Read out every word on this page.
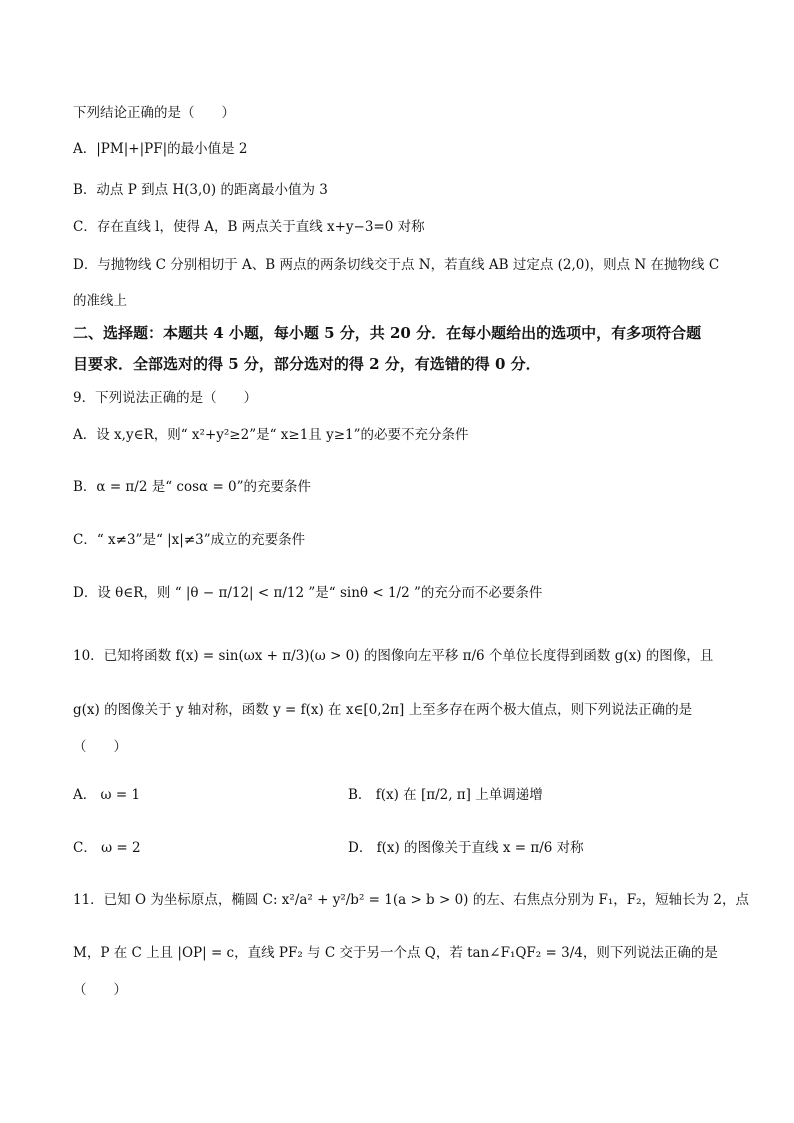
下列结论正确的是（　　）
A．|PM|+|PF|的最小值是 2
B．动点 P 到点 H(3,0) 的距离最小值为 3
C．存在直线 l，使得 A，B 两点关于直线 x+y−3=0 对称
D．与抛物线 C 分别相切于 A、B 两点的两条切线交于点 N，若直线 AB 过定点 (2,0)，则点 N 在抛物线 C
的准线上
二、选择题：本题共 4 小题，每小题 5 分，共 20 分．在每小题给出的选项中，有多项符合题
目要求．全部选对的得 5 分，部分选对的得 2 分，有选错的得 0 分．
9．下列说法正确的是（　　）
A．设 x,y∈R，则“ x²+y²≥2”是“ x≥1且 y≥1”的必要不充分条件
B．α = π/2 是“ cosα = 0”的充要条件
C．“ x≠3”是“ |x|≠3”成立的充要条件
D．设 θ∈R，则 “ |θ − π/12| < π/12 ”是“ sinθ < 1/2 ”的充分而不必要条件
10．已知将函数 f(x) = sin(ωx + π/3)(ω > 0) 的图像向左平移 π/6 个单位长度得到函数 g(x) 的图像，且
g(x) 的图像关于 y 轴对称，函数 y = f(x) 在 x∈[0,2π] 上至多存在两个极大值点，则下列说法正确的是
（　　）
A． ω = 1	B． f(x) 在 [π/2, π] 上单调递增
C． ω = 2	D． f(x) 的图像关于直线 x = π/6 对称
11．已知 O 为坐标原点，椭圆 C: x²/a² + y²/b² = 1(a > b > 0) 的左、右焦点分别为 F₁，F₂，短轴长为 2，点
M，P 在 C 上且 |OP| = c，直线 PF₂ 与 C 交于另一个点 Q，若 tan∠F₁QF₂ = 3/4，则下列说法正确的是
（　　）
